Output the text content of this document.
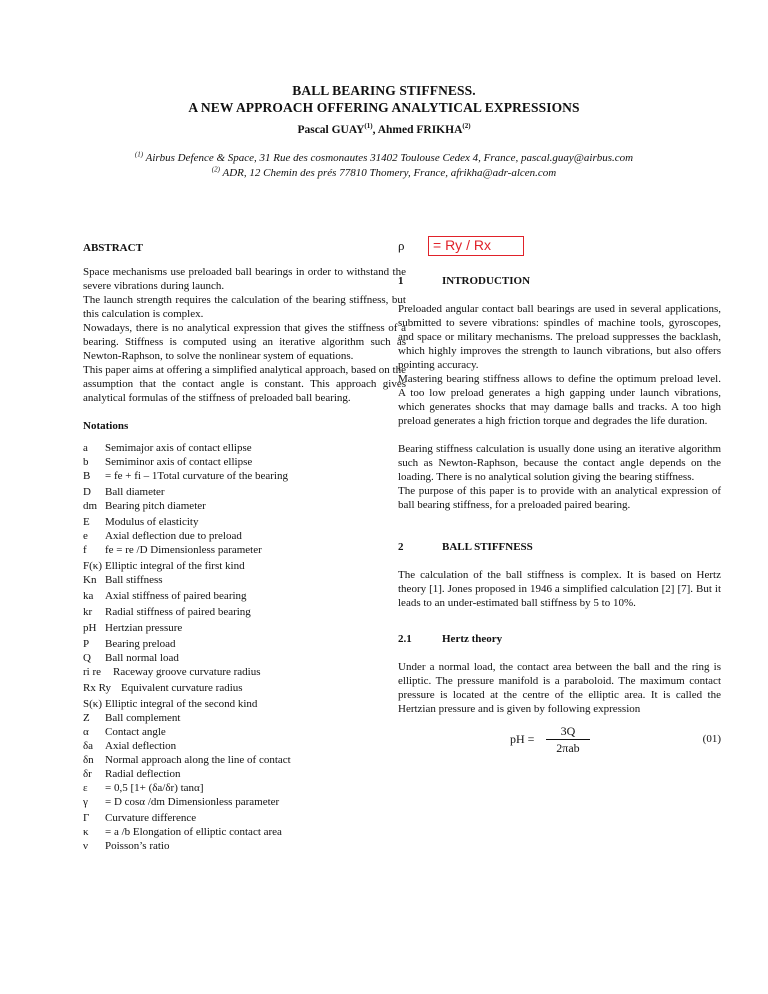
BALL BEARING STIFFNESS.
A NEW APPROACH OFFERING ANALYTICAL EXPRESSIONS
Pascal GUAY$^{(1)}$, Ahmed FRIKHA$^{(2)}$
$^{(1)}$ Airbus Defence & Space, 31 Rue des cosmonautes 31402 Toulouse Cedex 4, France, pascal.guay@airbus.com
$^{(2)}$ ADR, 12 Chemin des prés 77810 Thomery, France, afrikha@adr-alcen.com
ABSTRACT

Space mechanisms use preloaded ball bearings in order to withstand the severe vibrations during launch.

The launch strength requires the calculation of the bearing stiffness, but this calculation is complex.

Nowadays, there is no analytical expression that gives the stiffness of a bearing. Stiffness is computed using an iterative algorithm such as Newton-Raphson, to solve the nonlinear system of equations.

This paper aims at offering a simplified analytical approach, based on the assumption that the contact angle is constant. This approach gives analytical formulas of the stiffness of preloaded ball bearing.

Notations
a	Semimajor axis of contact ellipse
b	Semiminor axis of contact ellipse
B	= fe + fi – 1Total curvature of the bearing
D	Ball diameter
dm Bearing pitch diameter
E	Modulus of elasticity
e	Axial deflection due to preload
f	fe = re /D Dimensionless parameter
F(κ) Elliptic integral of the first kind
Kn Ball stiffness
ka	Axial stiffness of paired bearing
kr	Radial stiffness of paired bearing
pH Hertzian pressure
P	Bearing preload
Q	Ball normal load
ri re	Raceway groove curvature radius
Rx Ry Equivalent curvature radius
S(κ) Elliptic integral of the second kind
Z	Ball complement
α	Contact angle
δa	Axial deflection
δn	Normal approach along the line of contact
δr	Radial deflection
ε	= 0,5 [1+ (δa/δr) tanα]
γ	= D cosα /dm Dimensionless parameter
Γ	Curvature difference
κ	= a /b Elongation of elliptic contact area
ν	Poisson’s ratio
ρ	= Ry / Rx
1	INTRODUCTION

Preloaded angular contact ball bearings are used in several applications, submitted to severe vibrations: spindles of machine tools, gyroscopes, and space or military mechanisms. The preload suppresses the backlash, which highly improves the strength to launch vibrations, but also offers pointing accuracy.

Mastering bearing stiffness allows to define the optimum preload level. A too low preload generates a high gapping under launch vibrations, which generates shocks that may damage balls and tracks. A too high preload generates a high friction torque and degrades the life duration.

Bearing stiffness calculation is usually done using an iterative algorithm such as Newton-Raphson, because the contact angle depends on the loading. There is no analytical solution giving the bearing stiffness.

The purpose of this paper is to provide with an analytical expression of ball bearing stiffness, for a preloaded paired bearing.

2	BALL STIFFNESS

The calculation of the ball stiffness is complex. It is based on Hertz theory [1]. Jones proposed in 1946 a simplified calculation [2] [7]. But it leads to an under-estimated ball stiffness by 5 to 10%.

2.1	Hertz theory

Under a normal load, the contact area between the ball and the ring is elliptic. The pressure manifold is a paraboloid. The maximum contact pressure is located at the centre of the elliptic area. It is called the Hertzian pressure and is given by following expression

pH =
3Q
2πab
(01)
